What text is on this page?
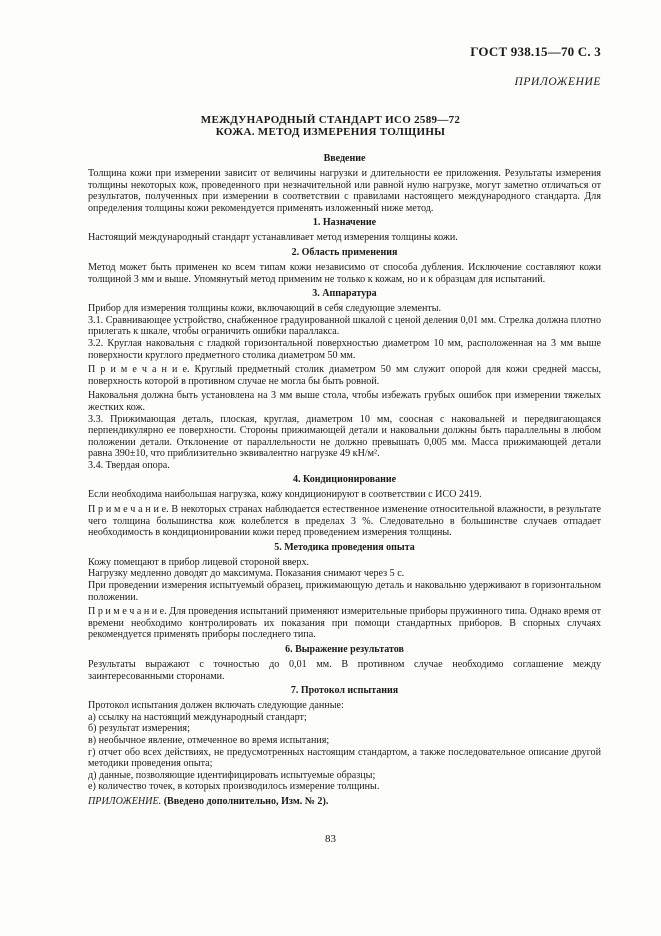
ГОСТ 938.15—70 С. 3
ПРИЛОЖЕНИЕ
МЕЖДУНАРОДНЫЙ СТАНДАРТ ИСО 2589—72
КОЖА. МЕТОД ИЗМЕРЕНИЯ ТОЛЩИНЫ
Введение

Толщина кожи при измерении зависит от величины нагрузки и длительности ее приложения. Результаты измерения толщины некоторых кож, проведенного при незначительной или равной нулю нагрузке, могут заметно отличаться от результатов, полученных при измерении в соответствии с правилами настоящего международного стандарта. Для определения толщины кожи рекомендуется применять изложенный ниже метод.

1. Назначение

Настоящий международный стандарт устанавливает метод измерения толщины кожи.

2. Область применения

Метод может быть применен ко всем типам кожи независимо от способа дубления. Исключение составляют кожи толщиной 3 мм и выше. Упомянутый метод применим не только к кожам, но и к образцам для испытаний.

3. Аппаратура

Прибор для измерения толщины кожи, включающий в себя следующие элементы.

3.1. Сравнивающее устройство, снабженное градуированной шкалой с ценой деления 0,01 мм. Стрелка должна плотно прилегать к шкале, чтобы ограничить ошибки параллакса.

3.2. Круглая наковальня с гладкой горизонтальной поверхностью диаметром 10 мм, расположенная на 3 мм выше поверхности круглого предметного столика диаметром 50 мм.

П р и м е ч а н и е. Круглый предметный столик диаметром 50 мм служит опорой для кожи средней массы, поверхность которой в противном случае не могла бы быть ровной.

Наковальня должна быть установлена на 3 мм выше стола, чтобы избежать грубых ошибок при измерении тяжелых жестких кож.

3.3. Прижимающая деталь, плоская, круглая, диаметром 10 мм, соосная с наковальней и передвигающаяся перпендикулярно ее поверхности. Стороны прижимающей детали и наковальни должны быть параллельны в любом положении детали. Отклонение от параллельности не должно превышать 0,005 мм. Масса прижимающей детали равна 390±10, что приблизительно эквивалентно нагрузке 49 кН/м².

3.4. Твердая опора.

4. Кондиционирование

Если необходима наибольшая нагрузка, кожу кондиционируют в соответствии с ИСО 2419.

П р и м е ч а н и е. В некоторых странах наблюдается естественное изменение относительной влажности, в результате чего толщина большинства кож колеблется в пределах 3 %. Следовательно в большинстве случаев отпадает необходимость в кондиционировании кожи перед проведением измерения толщины.

5. Методика проведения опыта

Кожу помещают в прибор лицевой стороной вверх.

Нагрузку медленно доводят до максимума. Показания снимают через 5 с.

При проведении измерения испытуемый образец, прижимающую деталь и наковальню удерживают в горизонтальном положении.

П р и м е ч а н и е. Для проведения испытаний применяют измерительные приборы пружинного типа. Однако время от времени необходимо контролировать их показания при помощи стандартных приборов. В спорных случаях рекомендуется применять приборы последнего типа.

6. Выражение результатов

Результаты выражают с точностью до 0,01 мм. В противном случае необходимо соглашение между заинтересованными сторонами.

7. Протокол испытания

Протокол испытания должен включать следующие данные:

а) ссылку на настоящий международный стандарт;

б) результат измерения;

в) необычное явление, отмеченное во время испытания;

г) отчет обо всех действиях, не предусмотренных настоящим стандартом, а также последовательное описание другой методики проведения опыта;

д) данные, позволяющие идентифицировать испытуемые образцы;

е) количество точек, в которых производилось измерение толщины.

ПРИЛОЖЕНИЕ. (Введено дополнительно, Изм. № 2).

83
